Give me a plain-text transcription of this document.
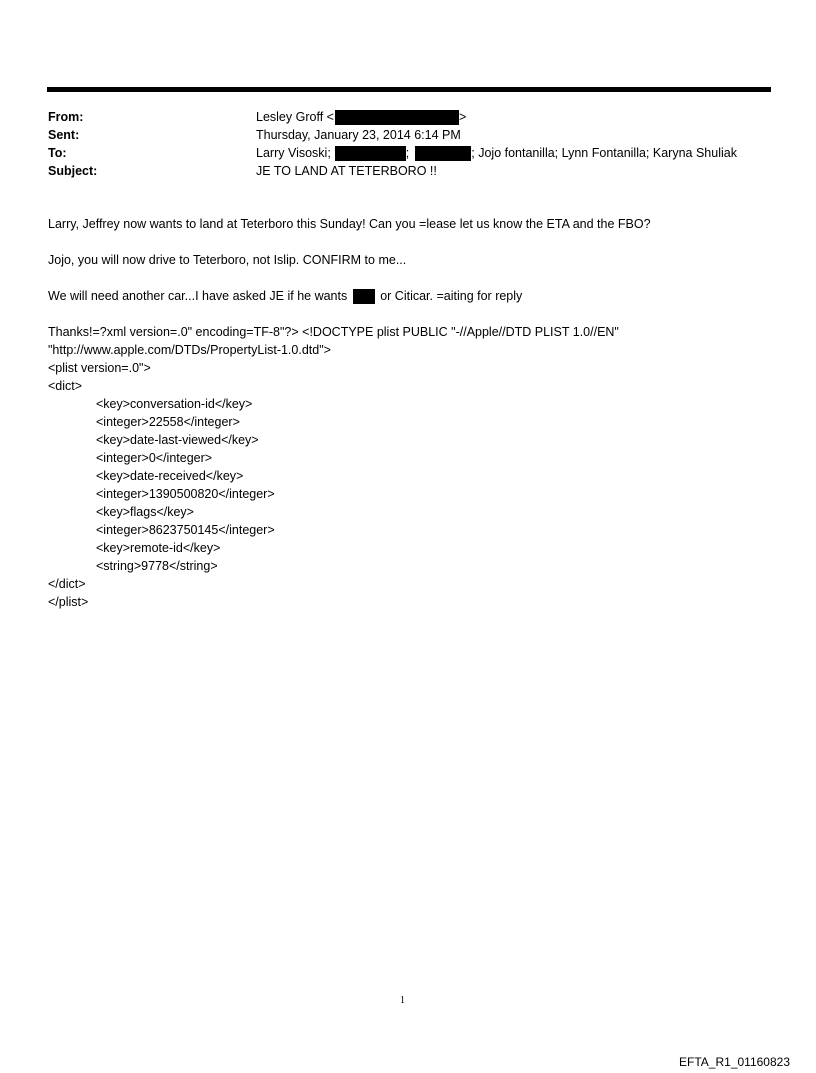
From:	Lesley Groff <	>
Sent:	Thursday, January 23, 2014 6:14 PM
To:	Larry Visoski;	;	; Jojo fontanilla; Lynn Fontanilla; Karyna Shuliak
Subject:	JE TO LAND AT TETERBORO !!
Larry, Jeffrey now wants to land at Teterboro this Sunday! Can you =lease let us know the ETA and the FBO?
Jojo, you will now drive to Teterboro, not Islip. CONFIRM to me...
We will need another car...I have asked JE if he wants	or Citicar. =aiting for reply
Thanks!=?xml version=.0" encoding=TF-8"?> <!DOCTYPE plist PUBLIC "-//Apple//DTD PLIST 1.0//EN"
"http://www.apple.com/DTDs/PropertyList-1.0.dtd">
<plist version=.0">
<dict>
<key>conversation-id</key>
<integer>22558</integer>
<key>date-last-viewed</key>
<integer>0</integer>
<key>date-received</key>
<integer>1390500820</integer>
<key>flags</key>
<integer>8623750145</integer>
<key>remote-id</key>
<string>9778</string>
</dict>
</plist>
1
EFTA_R1_01160823
